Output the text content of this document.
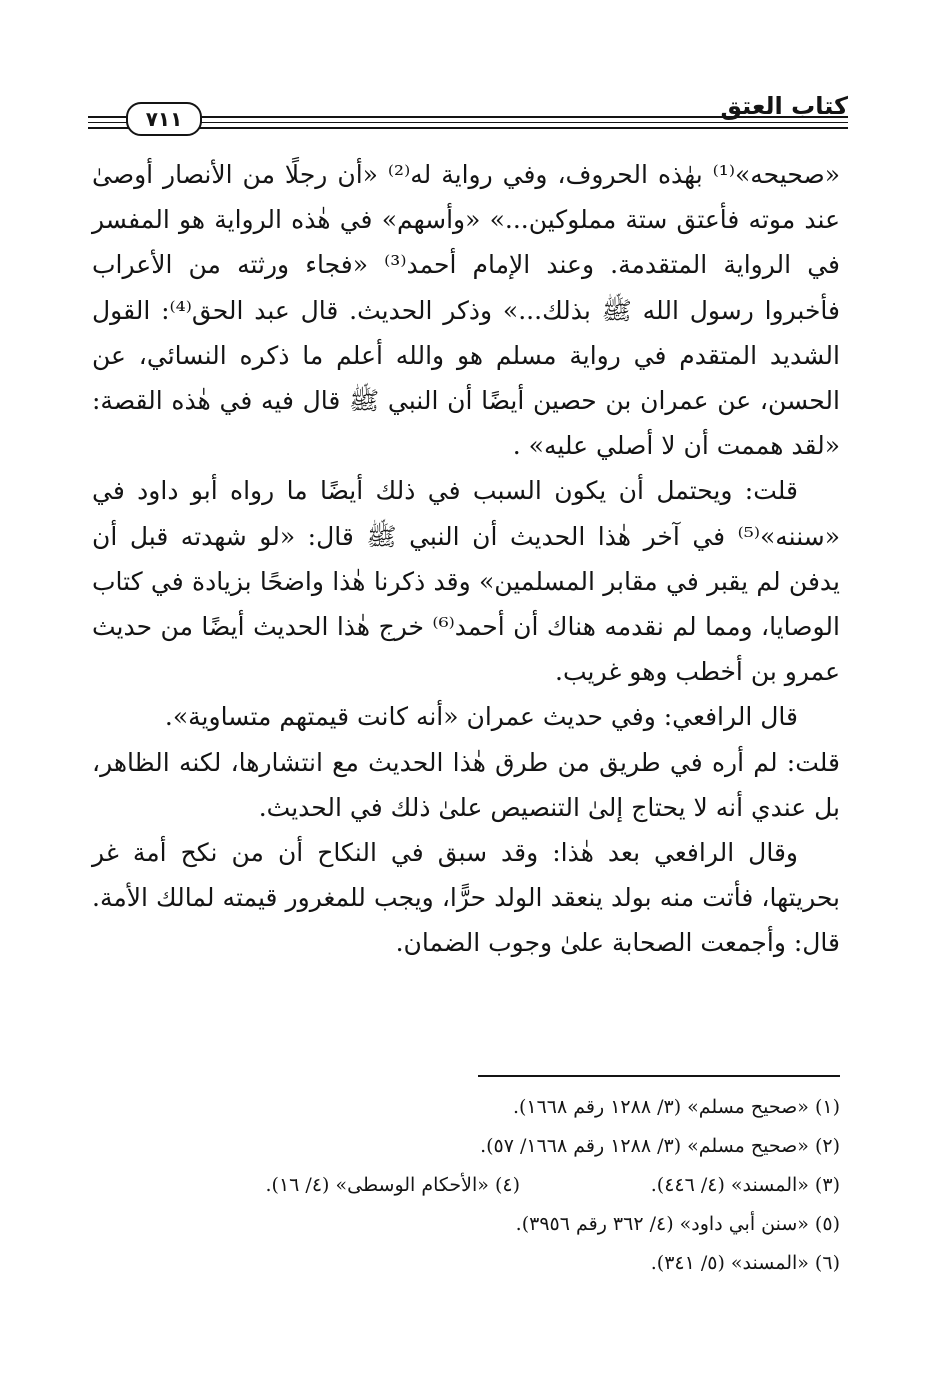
٧١١	كتاب العتق

«صحيحه»⁽¹⁾ بهٰذه الحروف، وفي رواية له⁽²⁾ «أن رجلًا من الأنصار أوصىٰ عند موته فأعتق ستة مملوكين...» «وأسهم» في هٰذه الرواية هو المفسر في الرواية المتقدمة. وعند الإمام أحمد⁽³⁾ «فجاء ورثته من الأعراب فأخبروا رسول الله ﷺ بذلك...» وذكر الحديث. قال عبد الحق⁽⁴⁾: القول الشديد المتقدم في رواية مسلم هو والله أعلم ما ذكره النسائي، عن الحسن، عن عمران بن حصين أيضًا أن النبي ﷺ قال فيه في هٰذه القصة: «لقد هممت أن لا أصلي عليه» .

قلت: ويحتمل أن يكون السبب في ذلك أيضًا ما رواه أبو داود في «سننه»⁽⁵⁾ في آخر هٰذا الحديث أن النبي ﷺ قال: «لو شهدته قبل أن يدفن لم يقبر في مقابر المسلمين» وقد ذكرنا هٰذا واضحًا بزيادة في كتاب الوصايا، ومما لم نقدمه هناك أن أحمد⁽⁶⁾ خرج هٰذا الحديث أيضًا من حديث عمرو بن أخطب وهو غريب.

قال الرافعي: وفي حديث عمران «أنه كانت قيمتهم متساوية».

قلت: لم أره في طريق من طرق هٰذا الحديث مع انتشارها، لكنه الظاهر، بل عندي أنه لا يحتاج إلىٰ التنصيص علىٰ ذلك في الحديث.

وقال الرافعي بعد هٰذا: وقد سبق في النكاح أن من نكح أمة غر بحريتها، فأتت منه بولد ينعقد الولد حرًّا، ويجب للمغرور قيمته لمالك الأمة. قال: وأجمعت الصحابة علىٰ وجوب الضمان.

(١) «صحيح مسلم» (٣/ ١٢٨٨ رقم ١٦٦٨).

(٢) «صحيح مسلم» (٣/ ١٢٨٨ رقم ١٦٦٨/ ٥٧).

(٣) «المسند» (٤/ ٤٤٦).

(٤) «الأحكام الوسطى» (٤/ ١٦).

(٥) «سنن أبي داود» (٤/ ٣٦٢ رقم ٣٩٥٦).

(٦) «المسند» (٥/ ٣٤١).
